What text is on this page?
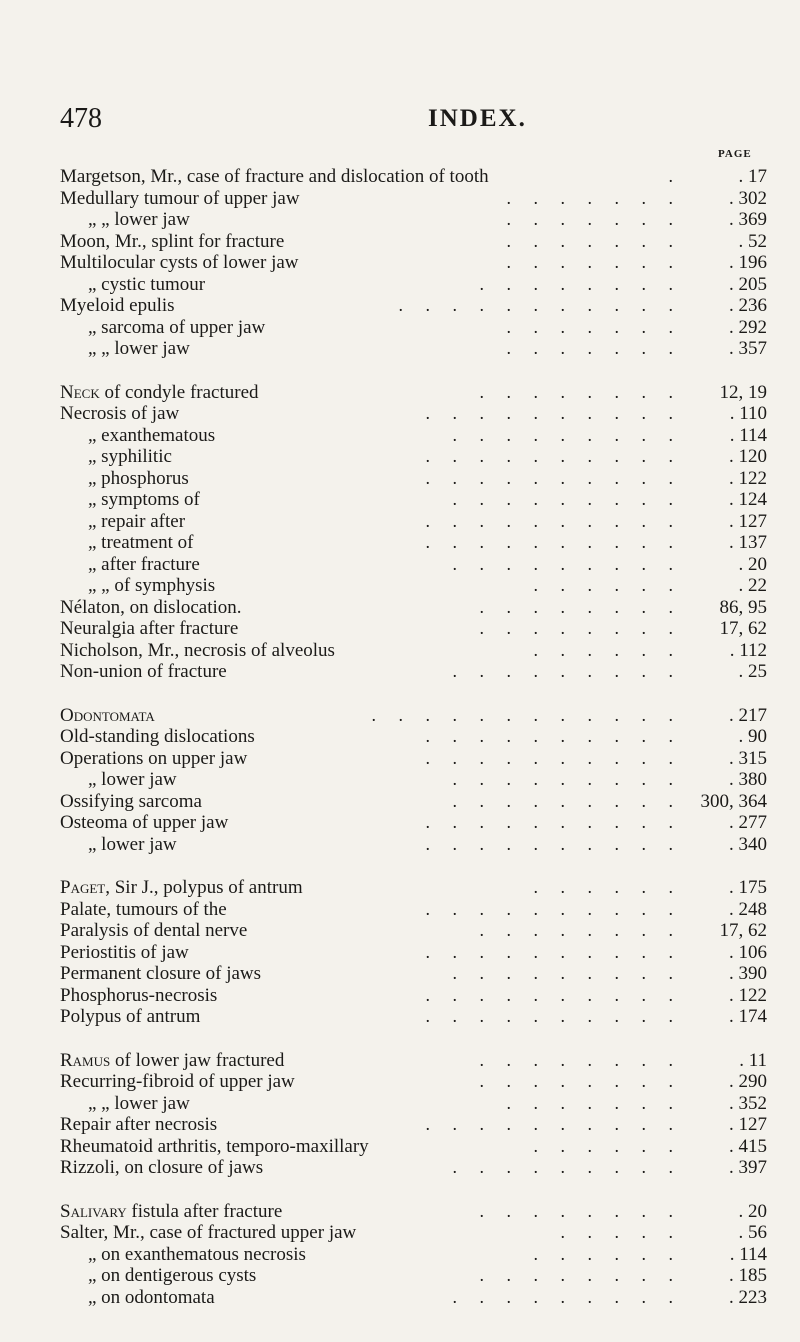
478	INDEX.
PAGE
Margetson, Mr., case of fracture and dislocation of tooth	.	. 17
Medullary tumour of upper jaw	. . . . . . . . 302
„ „ lower jaw	. . . . . . . . 369
Moon, Mr., splint for fracture	. . . . . . .	. 52
Multilocular cysts of lower jaw	. . . . . . . . 196
„ cystic tumour	. . . . . . . . . 205
Myeloid epulis	. . . . . . . . . . . . 236
„ sarcoma of upper jaw	. . . . . . . . 292
„ „ lower jaw	. . . . . . . . 357
Neck of condyle fractured	. . . . . . . . 12, 19
Necrosis of jaw	. . . . . . . . . .	. 110
„ exanthematous	. . . . . . . . .	. 114
„ syphilitic	. . . . . . . . . . . 120
„ phosphorus	. . . . . . . . . . . 122
„ symptoms of	. . . . . . . . . . 124
„ repair after	. . . . . . . . . . . 127
„ treatment of	. . . . . . . . . . . 137
„ after fracture	. . . . . . . . .	. 20
„ „ of symphysis	. . . . . .	. 22
Nélaton, on dislocation.	. . . . . . . . 86, 95
Neuralgia after fracture	. . . . . . . . 17, 62
Nicholson, Mr., necrosis of alveolus	. . . . . .	. 112
Non-union of fracture	. . . . . . . . .	. 25
Odontomata	. . . . . . . . . . . . . 217
Old-standing dislocations	. . . . . . . . . .	. 90
Operations on upper jaw	. . . . . . . . . . . 315
„ lower jaw	. . . . . . . . . . 380
Ossifying sarcoma	. . . . . . . . . 300, 364
Osteoma of upper jaw	. . . . . . . . . . . 277
„ lower jaw	. . . . . . . . . . . 340
Paget, Sir J., polypus of antrum	. . . . . . . 175
Palate, tumours of the	. . . . . . . . . . . 248
Paralysis of dental nerve	. . . . . . . . 17, 62
Periostitis of jaw	. . . . . . . . . . . 106
Permanent closure of jaws	. . . . . . . . . . 390
Phosphorus-necrosis	. . . . . . . . . . . 122
Polypus of antrum	. . . . . . . . . . . 174
Ramus of lower jaw fractured	. . . . . . . .	. 11
Recurring-fibroid of upper jaw	. . . . . . . . . 290
„ „ lower jaw	. . . . . . . . 352
Repair after necrosis	. . . . . . . . . . . 127
Rheumatoid arthritis, temporo-maxillary	. . . . . . . 415
Rizzoli, on closure of jaws	. . . . . . . . . . 397
Salivary fistula after fracture	. . . . . . . .	. 20
Salter, Mr., case of fractured upper jaw	. . . . .	. 56
„ on exanthematous necrosis	. . . . . .	. 114
„ on dentigerous cysts	. . . . . . . . . 185
„ on odontomata	. . . . . . . . . . 223
